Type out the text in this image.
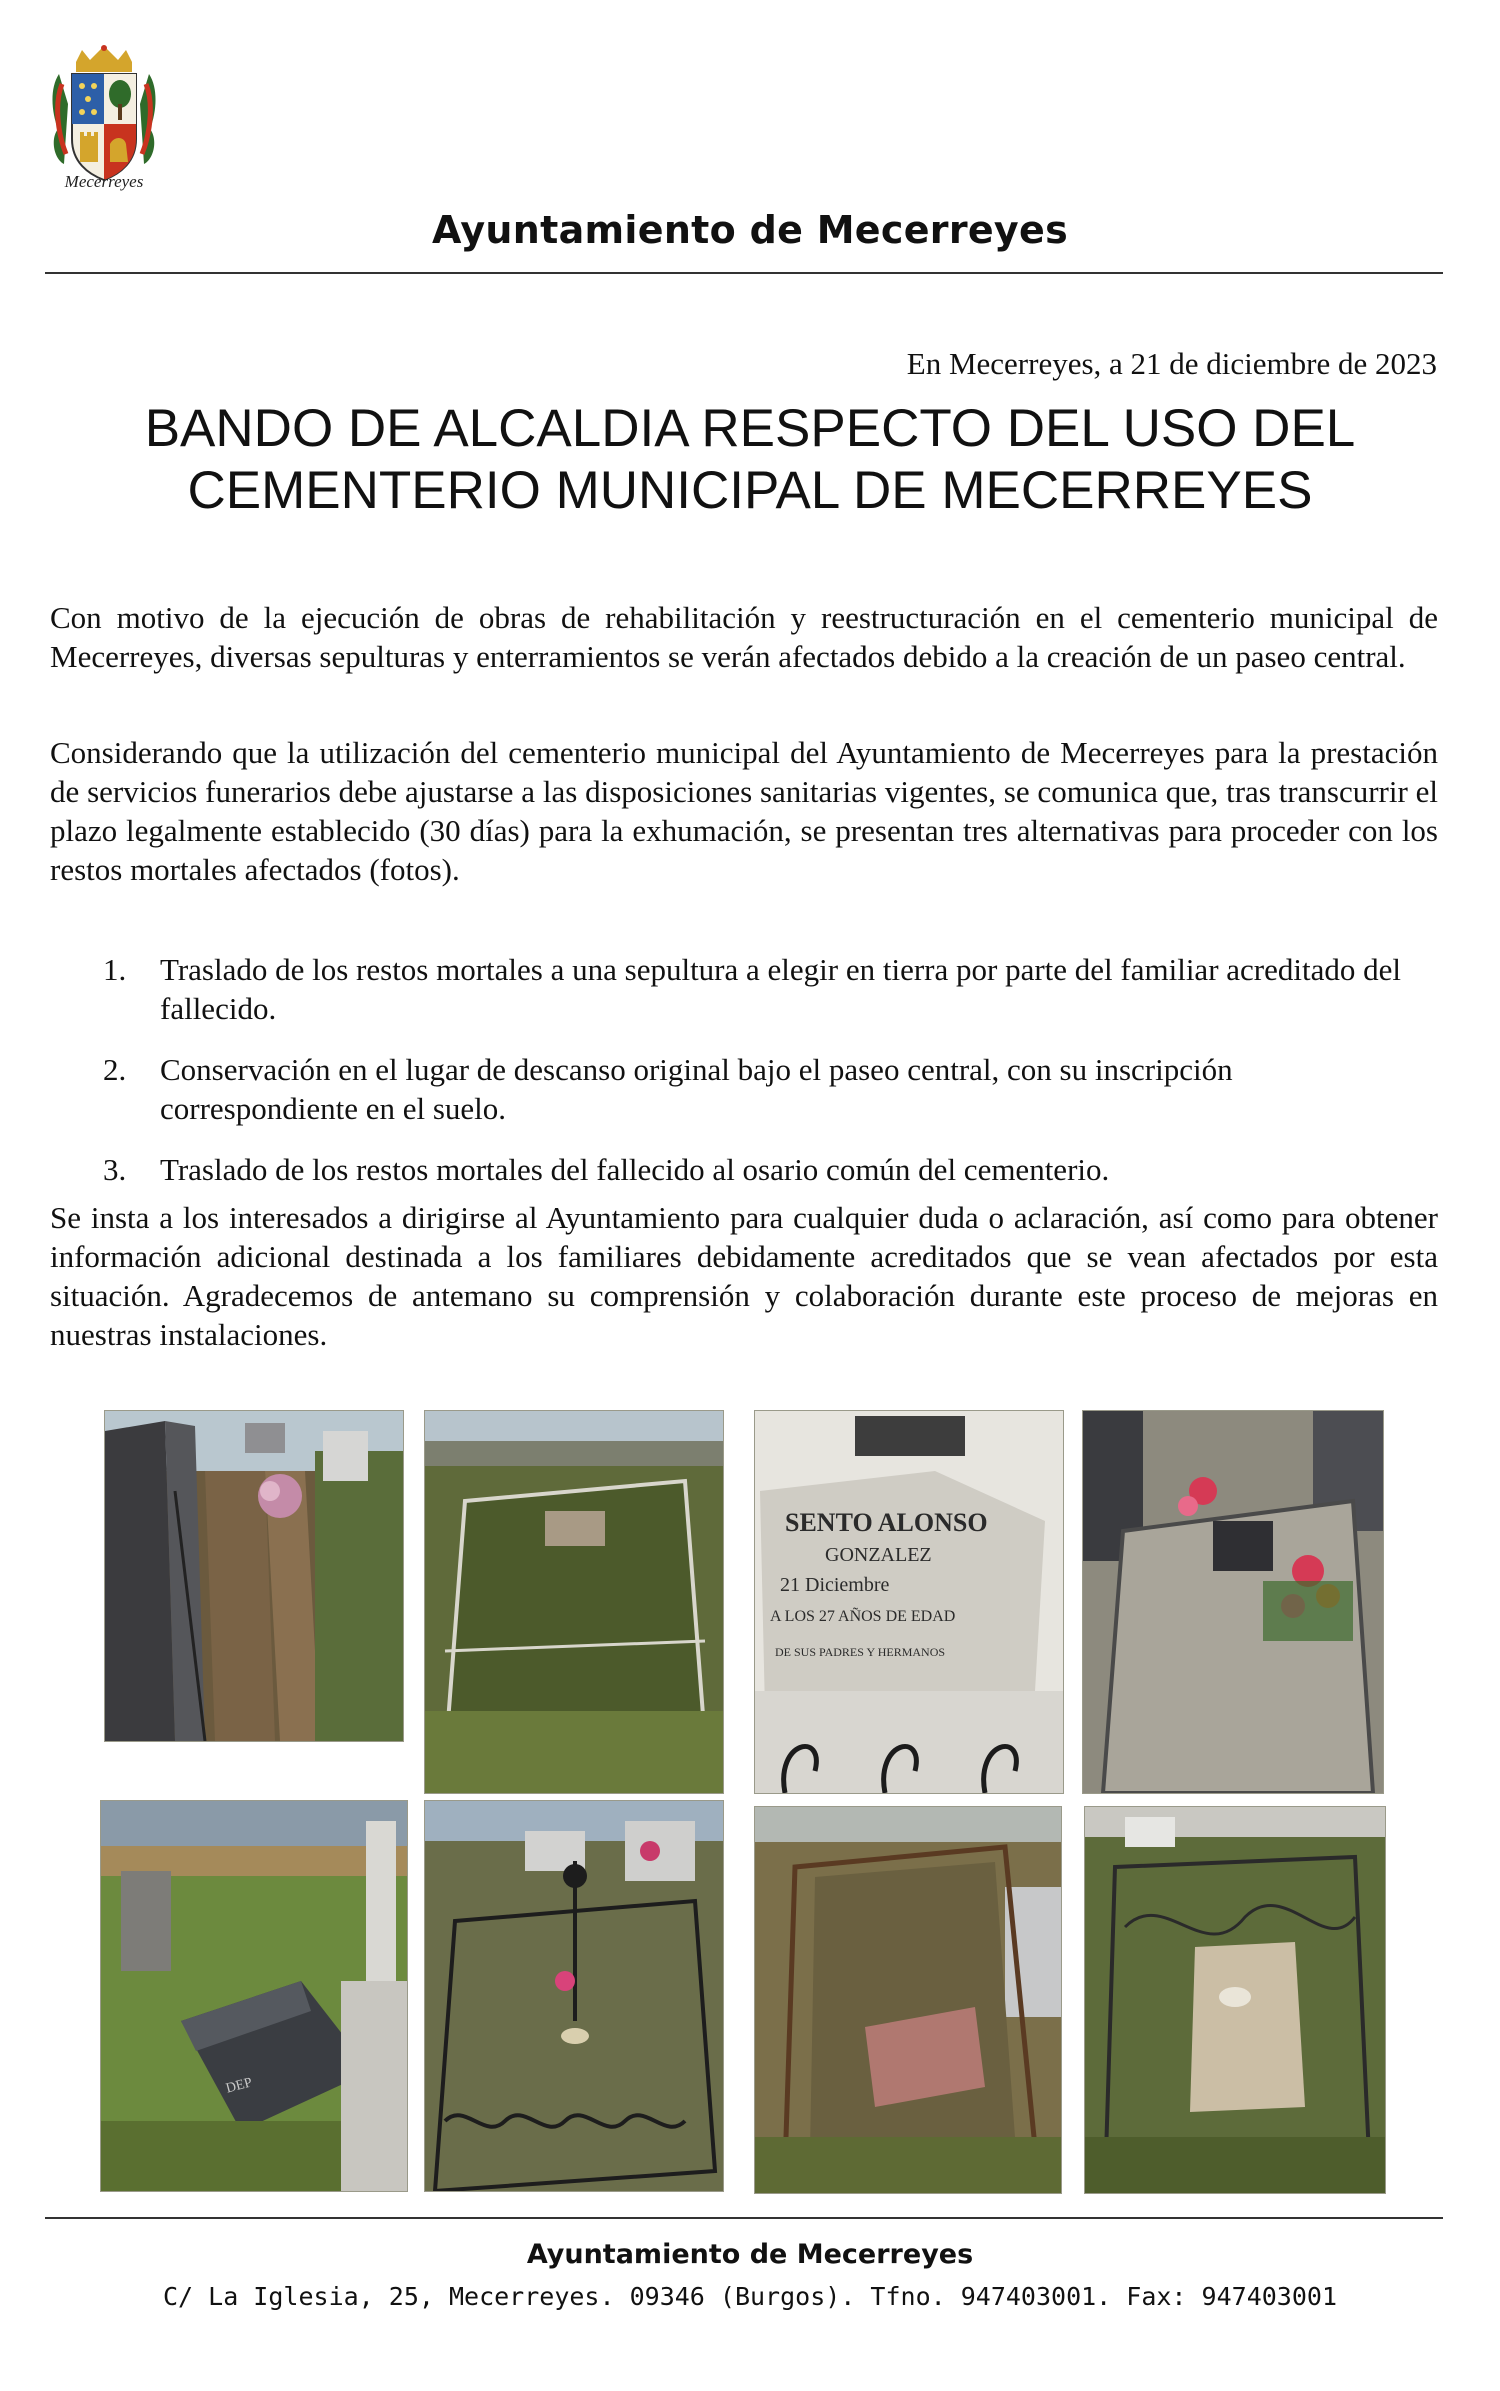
Mecerreyes
Ayuntamiento de Mecerreyes
En Mecerreyes, a 21 de diciembre de 2023
BANDO DE ALCALDIA RESPECTO DEL USO DEL
CEMENTERIO MUNICIPAL DE MECERREYES
Con motivo de la ejecución de obras de rehabilitación y reestructuración en el cementerio municipal de Mecerreyes, diversas sepulturas y enterramientos se verán afectados debido a la creación de un paseo central.
Considerando que la utilización del cementerio municipal del Ayuntamiento de Mecerreyes para la prestación de servicios funerarios debe ajustarse a las disposiciones sanitarias vigentes, se comunica que, tras transcurrir el plazo legalmente establecido (30 días) para la exhumación, se presentan tres alternativas para proceder con los restos mortales afectados (fotos).
1. Traslado de los restos mortales a una sepultura a elegir en tierra por parte del familiar acreditado del fallecido.
2. Conservación en el lugar de descanso original bajo el paseo central, con su inscripción correspondiente en el suelo.
3. Traslado de los restos mortales del fallecido al osario común del cementerio.
Se insta a los interesados a dirigirse al Ayuntamiento para cualquier duda o aclaración, así como para obtener información adicional destinada a los familiares debidamente acreditados que se vean afectados por esta situación. Agradecemos de antemano su comprensión y colaboración durante este proceso de mejoras en nuestras instalaciones.
SENTO ALONSO
GONZALEZ
21 Diciembre
A LOS 27 AÑOS DE EDAD
DE SUS PADRES Y HERMANOS
DEP
Ayuntamiento de Mecerreyes
C/ La Iglesia, 25, Mecerreyes. 09346 (Burgos). Tfno. 947403001. Fax: 947403001
